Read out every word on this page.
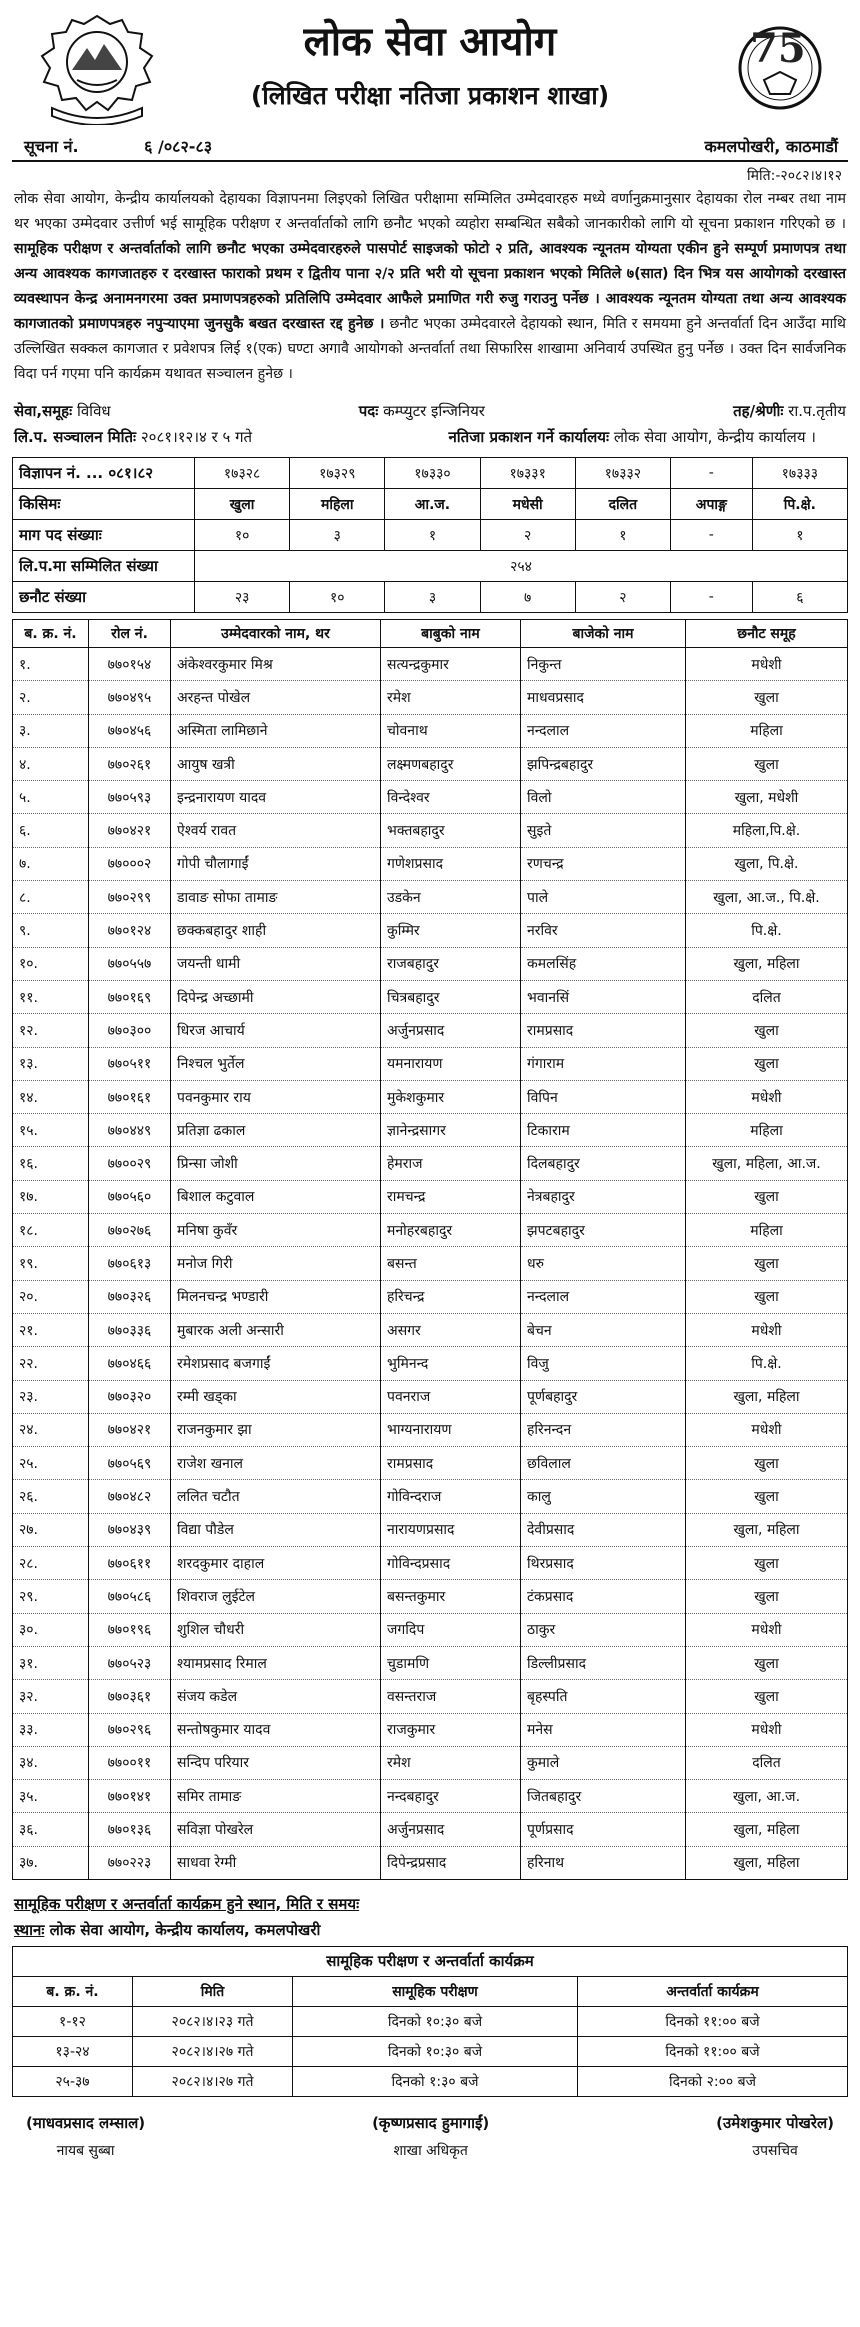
लोक सेवा आयोग
(लिखित परीक्षा नतिजा प्रकाशन शाखा)
75
सूचना नं.	६ /०८२-८३	कमलपोखरी, काठमाडौं
मिति:-२०८२।४।१२

लोक सेवा आयोग, केन्द्रीय कार्यालयको देहायका विज्ञापनमा लिइएको लिखित परीक्षामा सम्मिलित उम्मेदवारहरु मध्ये वर्णानुक्रमानुसार देहायका रोल नम्बर तथा नाम थर भएका उम्मेदवार उत्तीर्ण भई सामूहिक परीक्षण र अन्तर्वार्ताको लागि छनौट भएको व्यहोरा सम्बन्धित सबैको जानकारीको लागि यो सूचना प्रकाशन गरिएको छ । सामूहिक परीक्षण र अन्तर्वार्ताको लागि छनौट भएका उम्मेदवारहरुले पासपोर्ट साइजको फोटो २ प्रति, आवश्यक न्यूनतम योग्यता एकीन हुने सम्पूर्ण प्रमाणपत्र तथा अन्य आवश्यक कागजातहरु र दरखास्त फाराको प्रथम र द्वितीय पाना २/२ प्रति भरी यो सूचना प्रकाशन भएको मितिले ७(सात) दिन भित्र यस आयोगको दरखास्त व्यवस्थापन केन्द्र अनामनगरमा उक्त प्रमाणपत्रहरुको प्रतिलिपि उम्मेदवार आफैले प्रमाणित गरी रुजु गराउनु पर्नेछ । आवश्यक न्यूनतम योग्यता तथा अन्य आवश्यक कागजातको प्रमाणपत्रहरु नपुऱ्याएमा जुनसुकै बखत दरखास्त रद्द हुनेछ । छनौट भएका उम्मेदवारले देहायको स्थान, मिति र समयमा हुने अन्तर्वार्ता दिन आउँदा माथि उल्लिखित सक्कल कागजात र प्रवेशपत्र लिई १(एक) घण्टा अगावै आयोगको अन्तर्वार्ता तथा सिफारिस शाखामा अनिवार्य उपस्थित हुनु पर्नेछ । उक्त दिन सार्वजनिक विदा पर्न गएमा पनि कार्यक्रम यथावत सञ्चालन हुनेछ ।

सेवा,समूहः विविध	पदः कम्प्युटर इन्जिनियर	तह/श्रेणीः रा.प.तृतीय
लि.प. सञ्चालन मितिः २०८१।१२।४ र ५ गते	नतिजा प्रकाशन गर्ने कार्यालयः लोक सेवा आयोग, केन्द्रीय कार्यालय ।
विज्ञापन नं. ... ०८१।८२	१७३२८	१७३२९	१७३३०	१७३३१	१७३३२	-	१७३३३
किसिमः	खुला	महिला	आ.ज.	मधेसी	दलित	अपाङ्ग	पि.क्षे.
माग पद संख्याः	१०	३	१	२	१	-	१
लि.प.मा सम्मिलित संख्या	२५४						
छनौट संख्या	२३	१०	३	७	२	-	६
ब. क्र. नं.	रोल नं.	उम्मेदवारको नाम, थर	बाबुको नाम	बाजेको नाम	छनौट समूह
१.	७७०१५४	अंकेश्वरकुमार मिश्र	सत्यन्द्रकुमार	निकुन्त	मधेशी
२.	७७०४९५	अरहन्त पोखेल	रमेश	माधवप्रसाद	खुला
३.	७७०४५६	अस्मिता लामिछाने	चोवनाथ	नन्दलाल	महिला
४.	७७०२६१	आयुष खत्री	लक्ष्मणबहादुर	झपिन्द्रबहादुर	खुला
५.	७७०५९३	इन्द्रनारायण यादव	विन्देश्वर	विलो	खुला, मधेशी
६.	७७०४२१	ऐश्वर्य रावत	भक्तबहादुर	सुइते	महिला,पि.क्षे.
७.	७७०००२	गोपी चौलागाईं	गणेशप्रसाद	रणचन्द्र	खुला, पि.क्षे.
८.	७७०२९९	डावाङ सोफा तामाङ	उडकेन	पाले	खुला, आ.ज., पि.क्षे.
९.	७७०१२४	छक्कबहादुर शाही	कुम्मिर	नरविर	पि.क्षे.
१०.	७७०५५७	जयन्ती धामी	राजबहादुर	कमलसिंह	खुला, महिला
११.	७७०१६९	दिपेन्द्र अच्छामी	चित्रबहादुर	भवानसिं	दलित
१२.	७७०३००	धिरज आचार्य	अर्जुनप्रसाद	रामप्रसाद	खुला
१३.	७७०५११	निश्चल भुर्तेल	यमनारायण	गंगाराम	खुला
१४.	७७०१६१	पवनकुमार राय	मुकेशकुमार	विपिन	मधेशी
१५.	७७०४४९	प्रतिज्ञा ढकाल	ज्ञानेन्द्रसागर	टिकाराम	महिला
१६.	७७००२९	प्रिन्सा जोशी	हेमराज	दिलबहादुर	खुला, महिला, आ.ज.
१७.	७७०५६०	बिशाल कटुवाल	रामचन्द्र	नेत्रबहादुर	खुला
१८.	७७०२७६	मनिषा कुवँर	मनोहरबहादुर	झपटबहादुर	महिला
१९.	७७०६१३	मनोज गिरी	बसन्त	धरु	खुला
२०.	७७०३२६	मिलनचन्द्र भण्डारी	हरिचन्द्र	नन्दलाल	खुला
२१.	७७०३३६	मुबारक अली अन्सारी	असगर	बेचन	मधेशी
२२.	७७०४६६	रमेशप्रसाद बजगाईं	भुमिनन्द	विजु	पि.क्षे.
२३.	७७०३२०	रम्मी खड्का	पवनराज	पूर्णबहादुर	खुला, महिला
२४.	७७०४२१	राजनकुमार झा	भाग्यनारायण	हरिनन्दन	मधेशी
२५.	७७०५६९	राजेश खनाल	रामप्रसाद	छविलाल	खुला
२६.	७७०४८२	ललित चटौत	गोविन्दराज	कालु	खुला
२७.	७७०४३९	विद्या पौडेल	नारायणप्रसाद	देवीप्रसाद	खुला, महिला
२८.	७७०६११	शरदकुमार दाहाल	गोविन्दप्रसाद	थिरप्रसाद	खुला
२९.	७७०५८६	शिवराज लुईटेल	बसन्तकुमार	टंकप्रसाद	खुला
३०.	७७०१९६	शुशिल चौधरी	जगदिप	ठाकुर	मधेशी
३१.	७७०५२३	श्यामप्रसाद रिमाल	चुडामणि	डिल्लीप्रसाद	खुला
३२.	७७०३६१	संजय कडेल	वसन्तराज	बृहस्पति	खुला
३३.	७७०२९६	सन्तोषकुमार यादव	राजकुमार	मनेस	मधेशी
३४.	७७००११	सन्दिप परियार	रमेश	कुमाले	दलित
३५.	७७०१४१	समिर तामाङ	नन्दबहादुर	जितबहादुर	खुला, आ.ज.
३६.	७७०१३६	सविज्ञा पोखरेल	अर्जुनप्रसाद	पूर्णप्रसाद	खुला, महिला
३७.	७७०२२३	साधवा रेग्मी	दिपेन्द्रप्रसाद	हरिनाथ	खुला, महिला
सामूहिक परीक्षण र अन्तर्वार्ता कार्यक्रम हुने स्थान, मिति र समयः
स्थानः लोक सेवा आयोग, केन्द्रीय कार्यालय, कमलपोखरी
सामूहिक परीक्षण र अन्तर्वार्ता कार्यक्रम			
ब. क्र. नं.	मिति	सामूहिक परीक्षण	अन्तर्वार्ता कार्यक्रम
१-१२	२०८२।४।२३ गते	दिनको १०:३० बजे	दिनको ११:०० बजे
१३-२४	२०८२।४।२७ गते	दिनको १०:३० बजे	दिनको ११:०० बजे
२५-३७	२०८२।४।२७ गते	दिनको १:३० बजे	दिनको २:०० बजे
(माधवप्रसाद लम्साल)
नायब सुब्बा
(कृष्णप्रसाद हुमागाईं)
शाखा अधिकृत
(उमेशकुमार पोखरेल)
उपसचिव
